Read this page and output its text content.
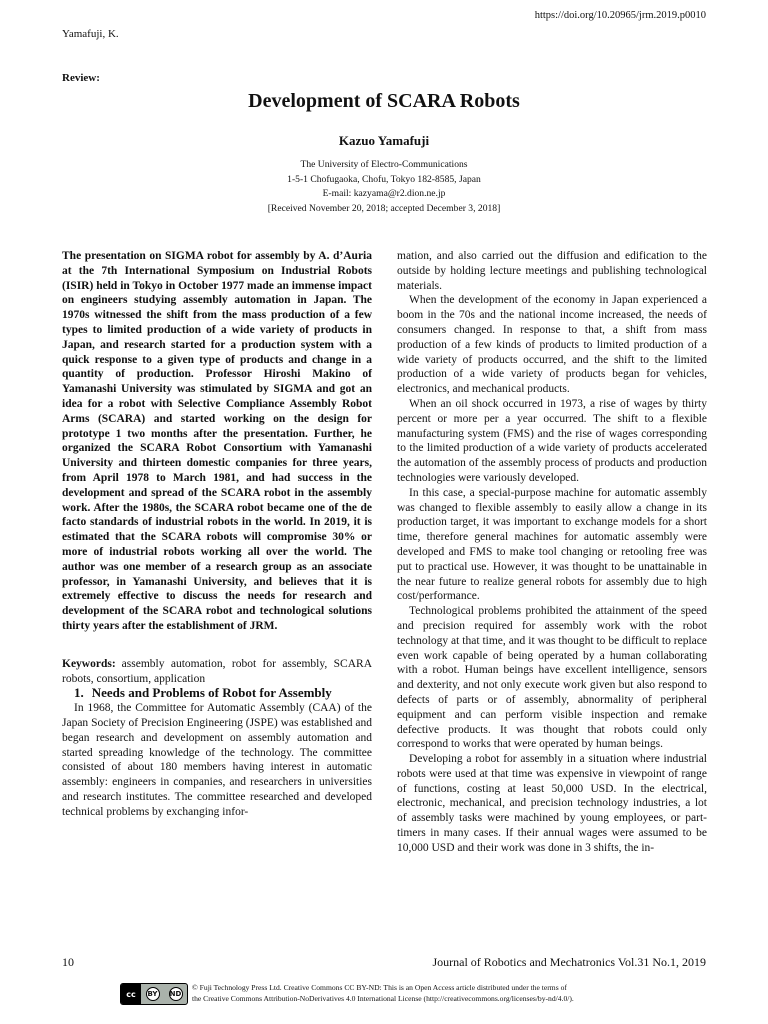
https://doi.org/10.20965/jrm.2019.p0010
Yamafuji, K.
Review:
Development of SCARA Robots
Kazuo Yamafuji
The University of Electro-Communications
1-5-1 Chofugaoka, Chofu, Tokyo 182-8585, Japan
E-mail: kazyama@r2.dion.ne.jp
[Received November 20, 2018; accepted December 3, 2018]

The presentation on SIGMA robot for assembly by A. d’Auria at the 7th International Symposium on Industrial Robots (ISIR) held in Tokyo in October 1977 made an immense impact on engineers studying assembly automation in Japan. The 1970s witnessed the shift from the mass production of a few types to limited production of a wide variety of products in Japan, and research started for a production system with a quick response to a given type of products and change in a quantity of production. Professor Hiroshi Makino of Yamanashi University was stimulated by SIGMA and got an idea for a robot with Selective Compliance Assembly Robot Arms (SCARA) and started working on the design for prototype 1 two months after the presentation. Further, he organized the SCARA Robot Consortium with Yamanashi University and thirteen domestic companies for three years, from April 1978 to March 1981, and had success in the development and spread of the SCARA robot in the assembly work. After the 1980s, the SCARA robot became one of the de facto standards of industrial robots in the world. In 2019, it is estimated that the SCARA robots will compromise 30% or more of industrial robots working all over the world. The author was one member of a research group as an associate professor, in Yamanashi University, and believes that it is extremely effective to discuss the needs for research and development of the SCARA robot and technological solutions thirty years after the establishment of JRM.

Keywords: assembly automation, robot for assembly, SCARA robots, consortium, application

1. Needs and Problems of Robot for Assembly

In 1968, the Committee for Automatic Assembly (CAA) of the Japan Society of Precision Engineering (JSPE) was established and began research and development on assembly automation and started spreading knowledge of the technology. The committee consisted of about 180 members having interest in automatic assembly: engineers in companies, and researchers in universities and research institutes. The committee researched and developed technical problems by exchanging infor-

mation, and also carried out the diffusion and edification to the outside by holding lecture meetings and publishing technological materials.

When the development of the economy in Japan experienced a boom in the 70s and the national income increased, the needs of consumers changed. In response to that, a shift from mass production of a few kinds of products to limited production of a wide variety of products occurred, and the shift to the limited production of a wide variety of products began for vehicles, electronics, and mechanical products.

When an oil shock occurred in 1973, a rise of wages by thirty percent or more per a year occurred. The shift to a flexible manufacturing system (FMS) and the rise of wages corresponding to the limited production of a wide variety of products accelerated the automation of the assembly process of products and production technologies were variously developed.

In this case, a special-purpose machine for automatic assembly was changed to flexible assembly to easily allow a change in its production target, it was important to exchange models for a short time, therefore general machines for automatic assembly were developed and FMS to make tool changing or retooling free was put to practical use. However, it was thought to be unattainable in the near future to realize general robots for assembly due to high cost/performance.

Technological problems prohibited the attainment of the speed and precision required for assembly work with the robot technology at that time, and it was thought to be difficult to replace even work capable of being operated by a human collaborating with a robot. Human beings have excellent intelligence, sensors and dexterity, and not only execute work given but also respond to defects of parts or of assembly, abnormality of peripheral equipment and can perform visible inspection and remake defective products. It was thought that robots could only correspond to works that were operated by human beings.

Developing a robot for assembly in a situation where industrial robots were used at that time was expensive in viewpoint of range of functions, costing at least 50,000 USD. In the electrical, electronic, mechanical, and precision technology industries, a lot of assembly tasks were machined by young employees, or part-timers in many cases. If their annual wages were assumed to be 10,000 USD and their work was done in 3 shifts, the in-

10	Journal of Robotics and Mechatronics Vol.31 No.1, 2019
cc	BY ND
© Fuji Technology Press Ltd. Creative Commons CC BY-ND: This is an Open Access article distributed under the terms of
the Creative Commons Attribution-NoDerivatives 4.0 International License (http://creativecommons.org/licenses/by-nd/4.0/).
